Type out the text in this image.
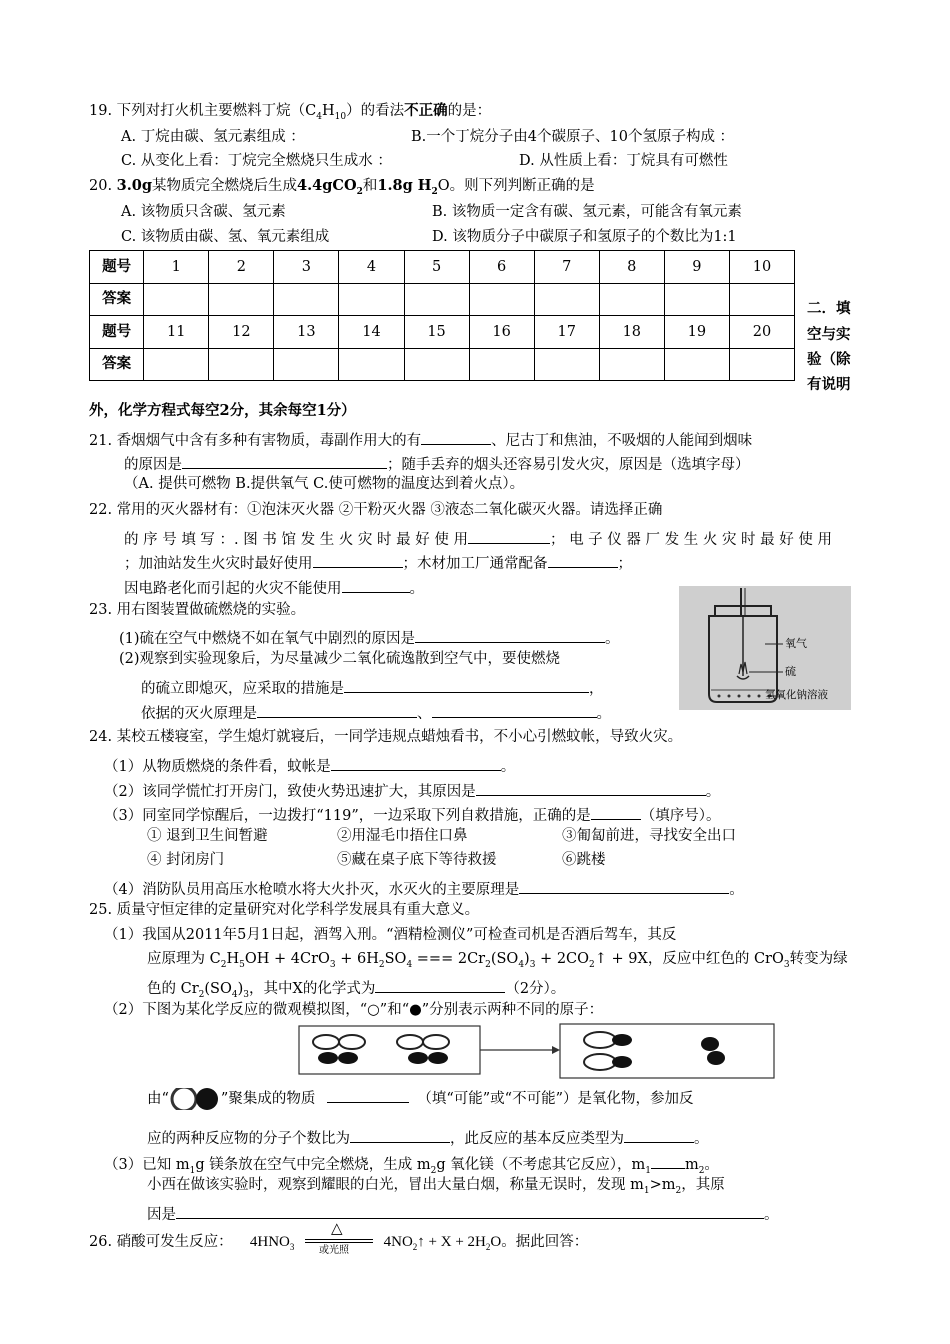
19. 下列对打火机主要燃料丁烷$(C_4H_{10})$的看法不正确的是：
A. 丁烷由碳、氢元素组成 ：	B.一个丁烷分子由4个碳原子、10个氢原子构成 ：
C. 从变化上看：丁烷完全燃烧只生成水 ：	D. 从性质上看：丁烷具有可燃性
20. 3.0g某物质完全燃烧后生成4.4gCO$_2$和1.8g $H_2O$。则下列判断正确的是
A. 该物质只含碳、氢元素	B. 该物质一定含有碳、氢元素，可能含有氧元素
C. 该物质由碳、氢、氧元素组成	D. 该物质分子中碳原子和氢原子的个数比为1:1
题号	1	2	3	4	5	6	7	8	9	10
答案										
题号	11	12	13	14	15	16	17	18	19	20
答案										
二．填
空与实
验（除
有说明
外，化学方程式每空2分，其余每空1分）
21. 香烟烟气中含有多种有害物质，毒副作用大的有	、尼古丁和焦油，不吸烟的人能闻到烟味
的原因是	；随手丢弃的烟头还容易引发火灾，原因是（选填字母）
（A. 提供可燃物 B.提供氧气 C.使可燃物的温度达到着火点）。
22. 常用的灭火器材有：①泡沫灭火器 ②干粉灭火器 ③液态二氧化碳灭火器。请选择正确
的 序 号 填 写 ：. 图 书 馆 发 生 火 灾 时 最 好 使 用	； 电 子 仪 器 厂 发 生 火 灾 时 最 好 使 用
；加油站发生火灾时最好使用	；木材加工厂通常配备	；
因电路老化而引起的火灾不能使用	。
23. 用右图装置做硫燃烧的实验。
(1)硫在空气中燃烧不如在氧气中剧烈的原因是	。
(2)观察到实验现象后，为尽量减少二氧化硫逸散到空气中，要使燃烧
的硫立即熄灭，应采取的措施是	，
依据的灭火原理是	、	。
氧气
硫
氢氧化钠溶液
24. 某校五楼寝室，学生熄灯就寝后，一同学违规点蜡烛看书，不小心引燃蚊帐，导致火灾。
（1）从物质燃烧的条件看，蚊帐是	。
（2）该同学慌忙打开房门，致使火势迅速扩大，其原因是	。
（3）同室同学惊醒后，一边拨打“119”，一边采取下列自救措施，正确的是	（填序号）。
① 退到卫生间暂避	②用湿毛巾捂住口鼻	③匍匐前进，寻找安全出口
④ 封闭房门	⑤藏在桌子底下等待救援	⑥跳楼
（4）消防队员用高压水枪喷水将大火扑灭，水灭火的主要原理是	。
25. 质量守恒定律的定量研究对化学科学发展具有重大意义。
（1）我国从2011年5月1日起，酒驾入刑。“酒精检测仪”可检查司机是否酒后驾车，其反
应原理为 $C_2H_5OH + 4CrO_3 + 6H_2SO_4$ === $2Cr_2(SO_4)_3$ + $2CO_2↑ + 9X$，反应中红色的 CrO$_3$转变为绿
色的 $Cr_2(SO_4)_3$，其中X的化学式为	（2分）。
（2）下图为某化学反应的微观模拟图，“○”和“●”分别表示两种不同的原子：
由“	”聚集成的物质	（填“可能”或“不可能”）是氧化物，参加反
应的两种反应物的分子个数比为	，此反应的基本反应类型为	。
（3）已知 $m_1g$ 镁条放在空气中完全燃烧，生成 $m_2g$ 氧化镁（不考虑其它反应），$m_1$ $m_2$。
小西在做该实验时，观察到耀眼的白光，冒出大量白烟，称量无误时，发现 $m_1>m_2$，其原
因是	。
26. 硝酸可发生反应： $4HNO_3$
△
或光照
$4NO_2↑ + X + 2H_2O$。据此回答：
